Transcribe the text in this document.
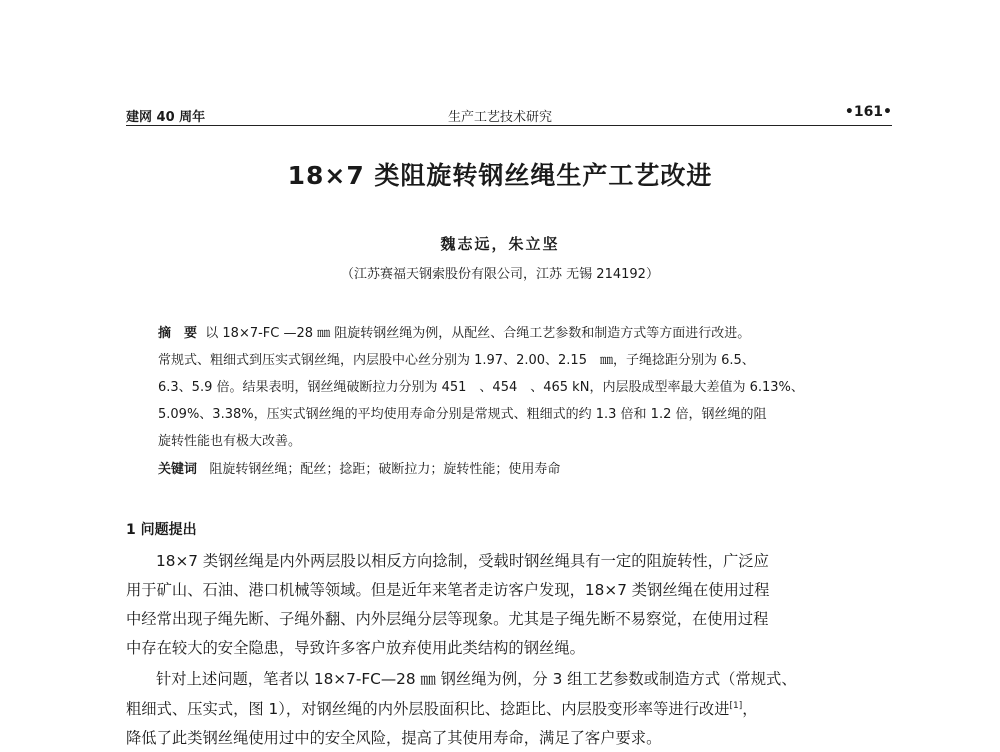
建网 40 周年	生产工艺技术研究	•161•
18×7 类阻旋转钢丝绳生产工艺改进
魏志远，朱立坚
（江苏赛福天钢索股份有限公司，江苏 无锡 214192）
摘　要 以 18×7-FC —28 ㎜ 阻旋转钢丝绳为例，从配丝、合绳工艺参数和制造方式等方面进行改进。
常规式、粗细式到压实式钢丝绳，内层股中心丝分别为 1.97、2.00、2.15　㎜，子绳捻距分别为 6.5、
6.3、5.9 倍。结果表明，钢丝绳破断拉力分别为 451　、454　、465 kN，内层股成型率最大差值为 6.13%、
5.09%、3.38%，压实式钢丝绳的平均使用寿命分别是常规式、粗细式的约 1.3 倍和 1.2 倍，钢丝绳的阻
旋转性能也有极大改善。
关键词 阻旋转钢丝绳；配丝；捻距；破断拉力；旋转性能；使用寿命
1 问题提出
18×7 类钢丝绳是内外两层股以相反方向捻制，受载时钢丝绳具有一定的阻旋转性，广泛应
用于矿山、石油、港口机械等领域。但是近年来笔者走访客户发现，18×7 类钢丝绳在使用过程
中经常出现子绳先断、子绳外翻、内外层绳分层等现象。尤其是子绳先断不易察觉，在使用过程
中存在较大的安全隐患，导致许多客户放弃使用此类结构的钢丝绳。
针对上述问题，笔者以 18×7-FC—28 ㎜ 钢丝绳为例，分 3 组工艺参数或制造方式（常规式、
粗细式、压实式，图 1），对钢丝绳的内外层股面积比、捻距比、内层股变形率等进行改进[1]，
降低了此类钢丝绳使用过中的安全风险，提高了其使用寿命，满足了客户要求。
